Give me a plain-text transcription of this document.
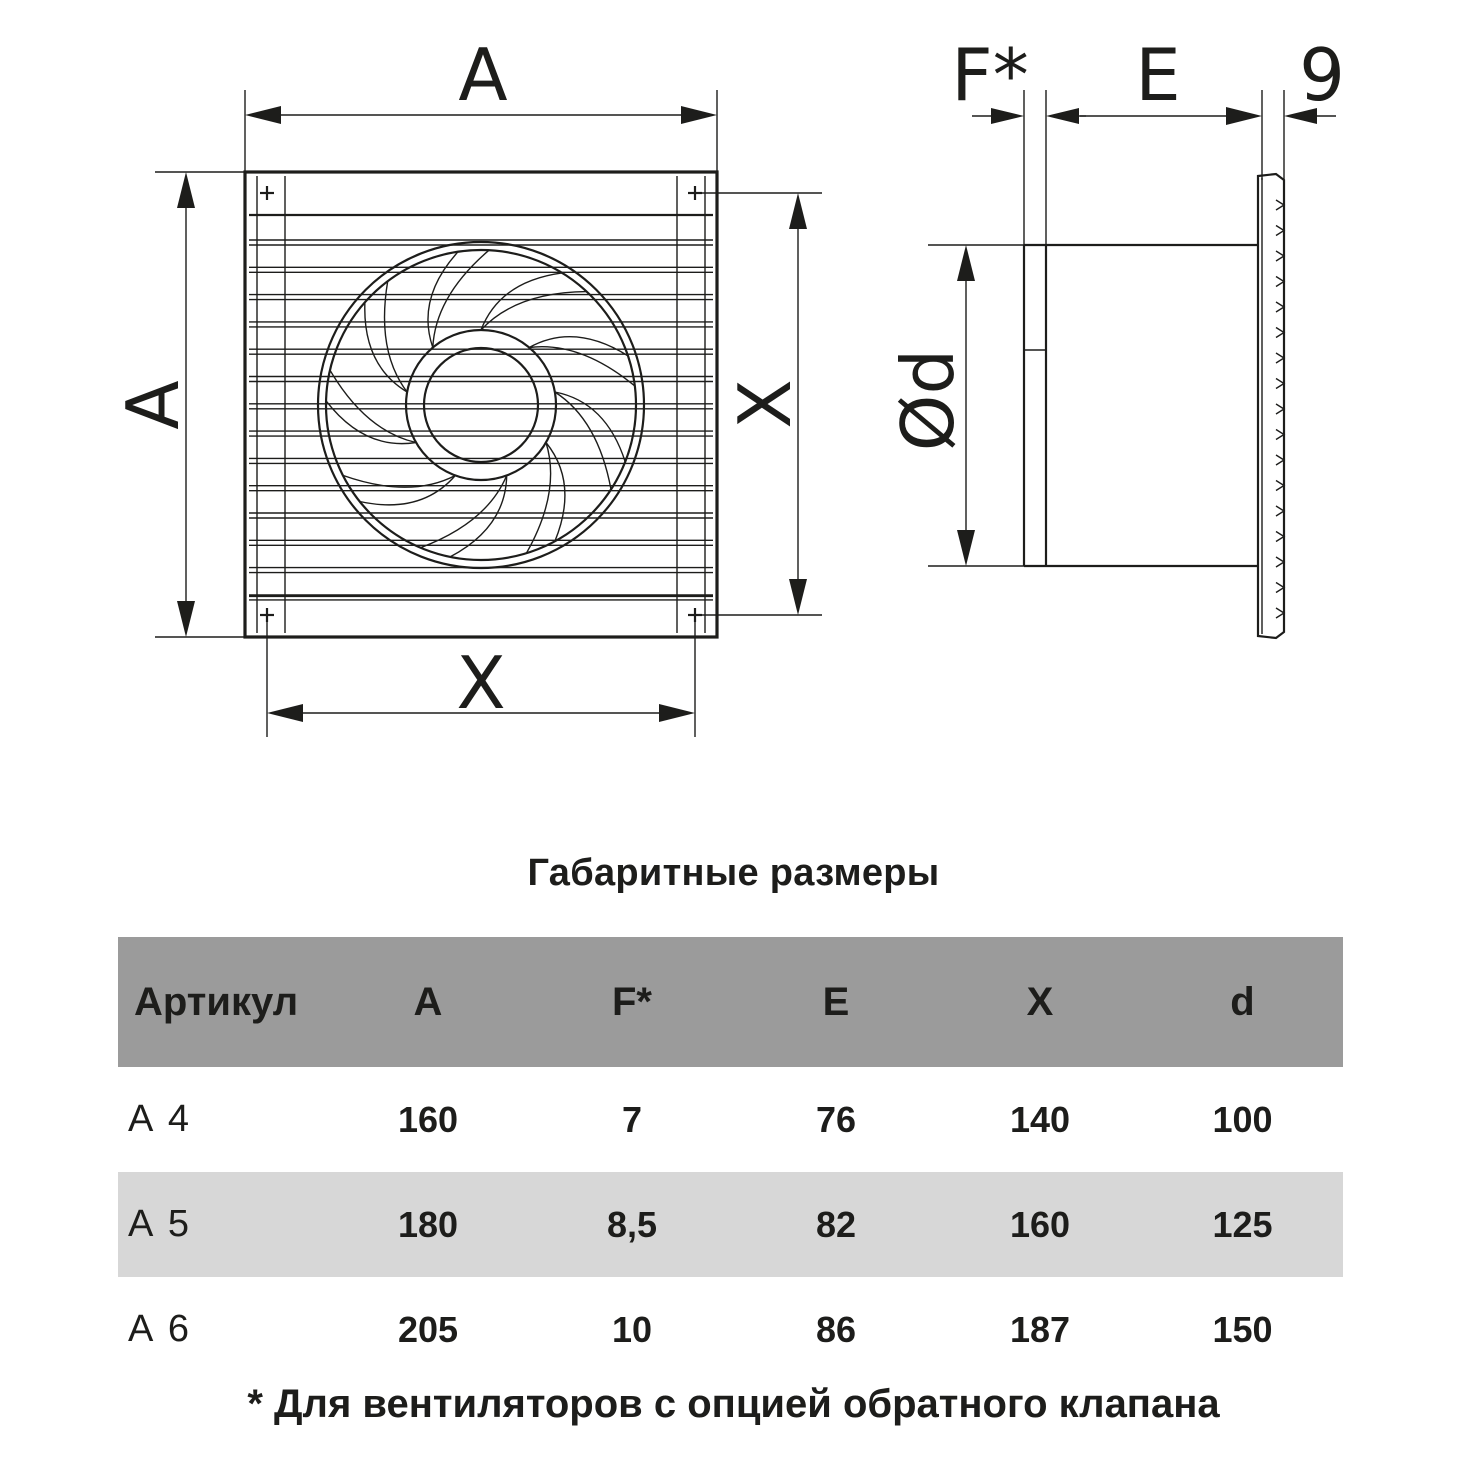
A
A
X
X
F* E 9
Ød
Габаритные размеры
Артикул	A	F*	E	X	d
А 4	160	7	76	140	100
А 5	180	8,5	82	160	125
А 6	205	10	86	187	150
* Для вентиляторов с опцией обратного клапана
